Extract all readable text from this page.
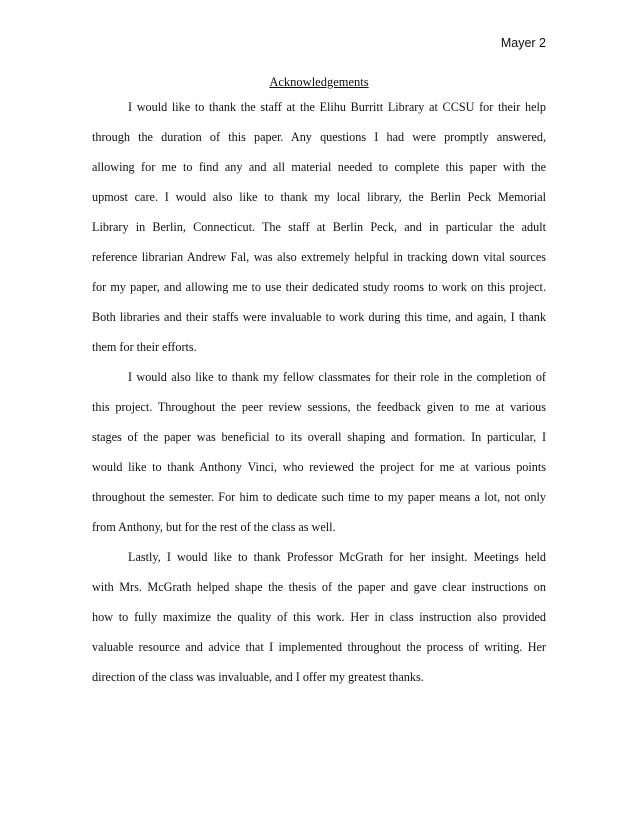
Mayer 2
Acknowledgements
I would like to thank the staff at the Elihu Burritt Library at CCSU for their help
through the duration of this paper. Any questions I had were promptly answered,
allowing for me to find any and all material needed to complete this paper with the
upmost care. I would also like to thank my local library, the Berlin Peck Memorial
Library in Berlin, Connecticut. The staff at Berlin Peck, and in particular the adult
reference librarian Andrew Fal, was also extremely helpful in tracking down vital sources
for my paper, and allowing me to use their dedicated study rooms to work on this project.
Both libraries and their staffs were invaluable to work during this time, and again, I thank
them for their efforts.
I would also like to thank my fellow classmates for their role in the completion of
this project. Throughout the peer review sessions, the feedback given to me at various
stages of the paper was beneficial to its overall shaping and formation. In particular, I
would like to thank Anthony Vinci, who reviewed the project for me at various points
throughout the semester. For him to dedicate such time to my paper means a lot, not only
from Anthony, but for the rest of the class as well.
Lastly, I would like to thank Professor McGrath for her insight. Meetings held
with Mrs. McGrath helped shape the thesis of the paper and gave clear instructions on
how to fully maximize the quality of this work. Her in class instruction also provided
valuable resource and advice that I implemented throughout the process of writing. Her
direction of the class was invaluable, and I offer my greatest thanks.
